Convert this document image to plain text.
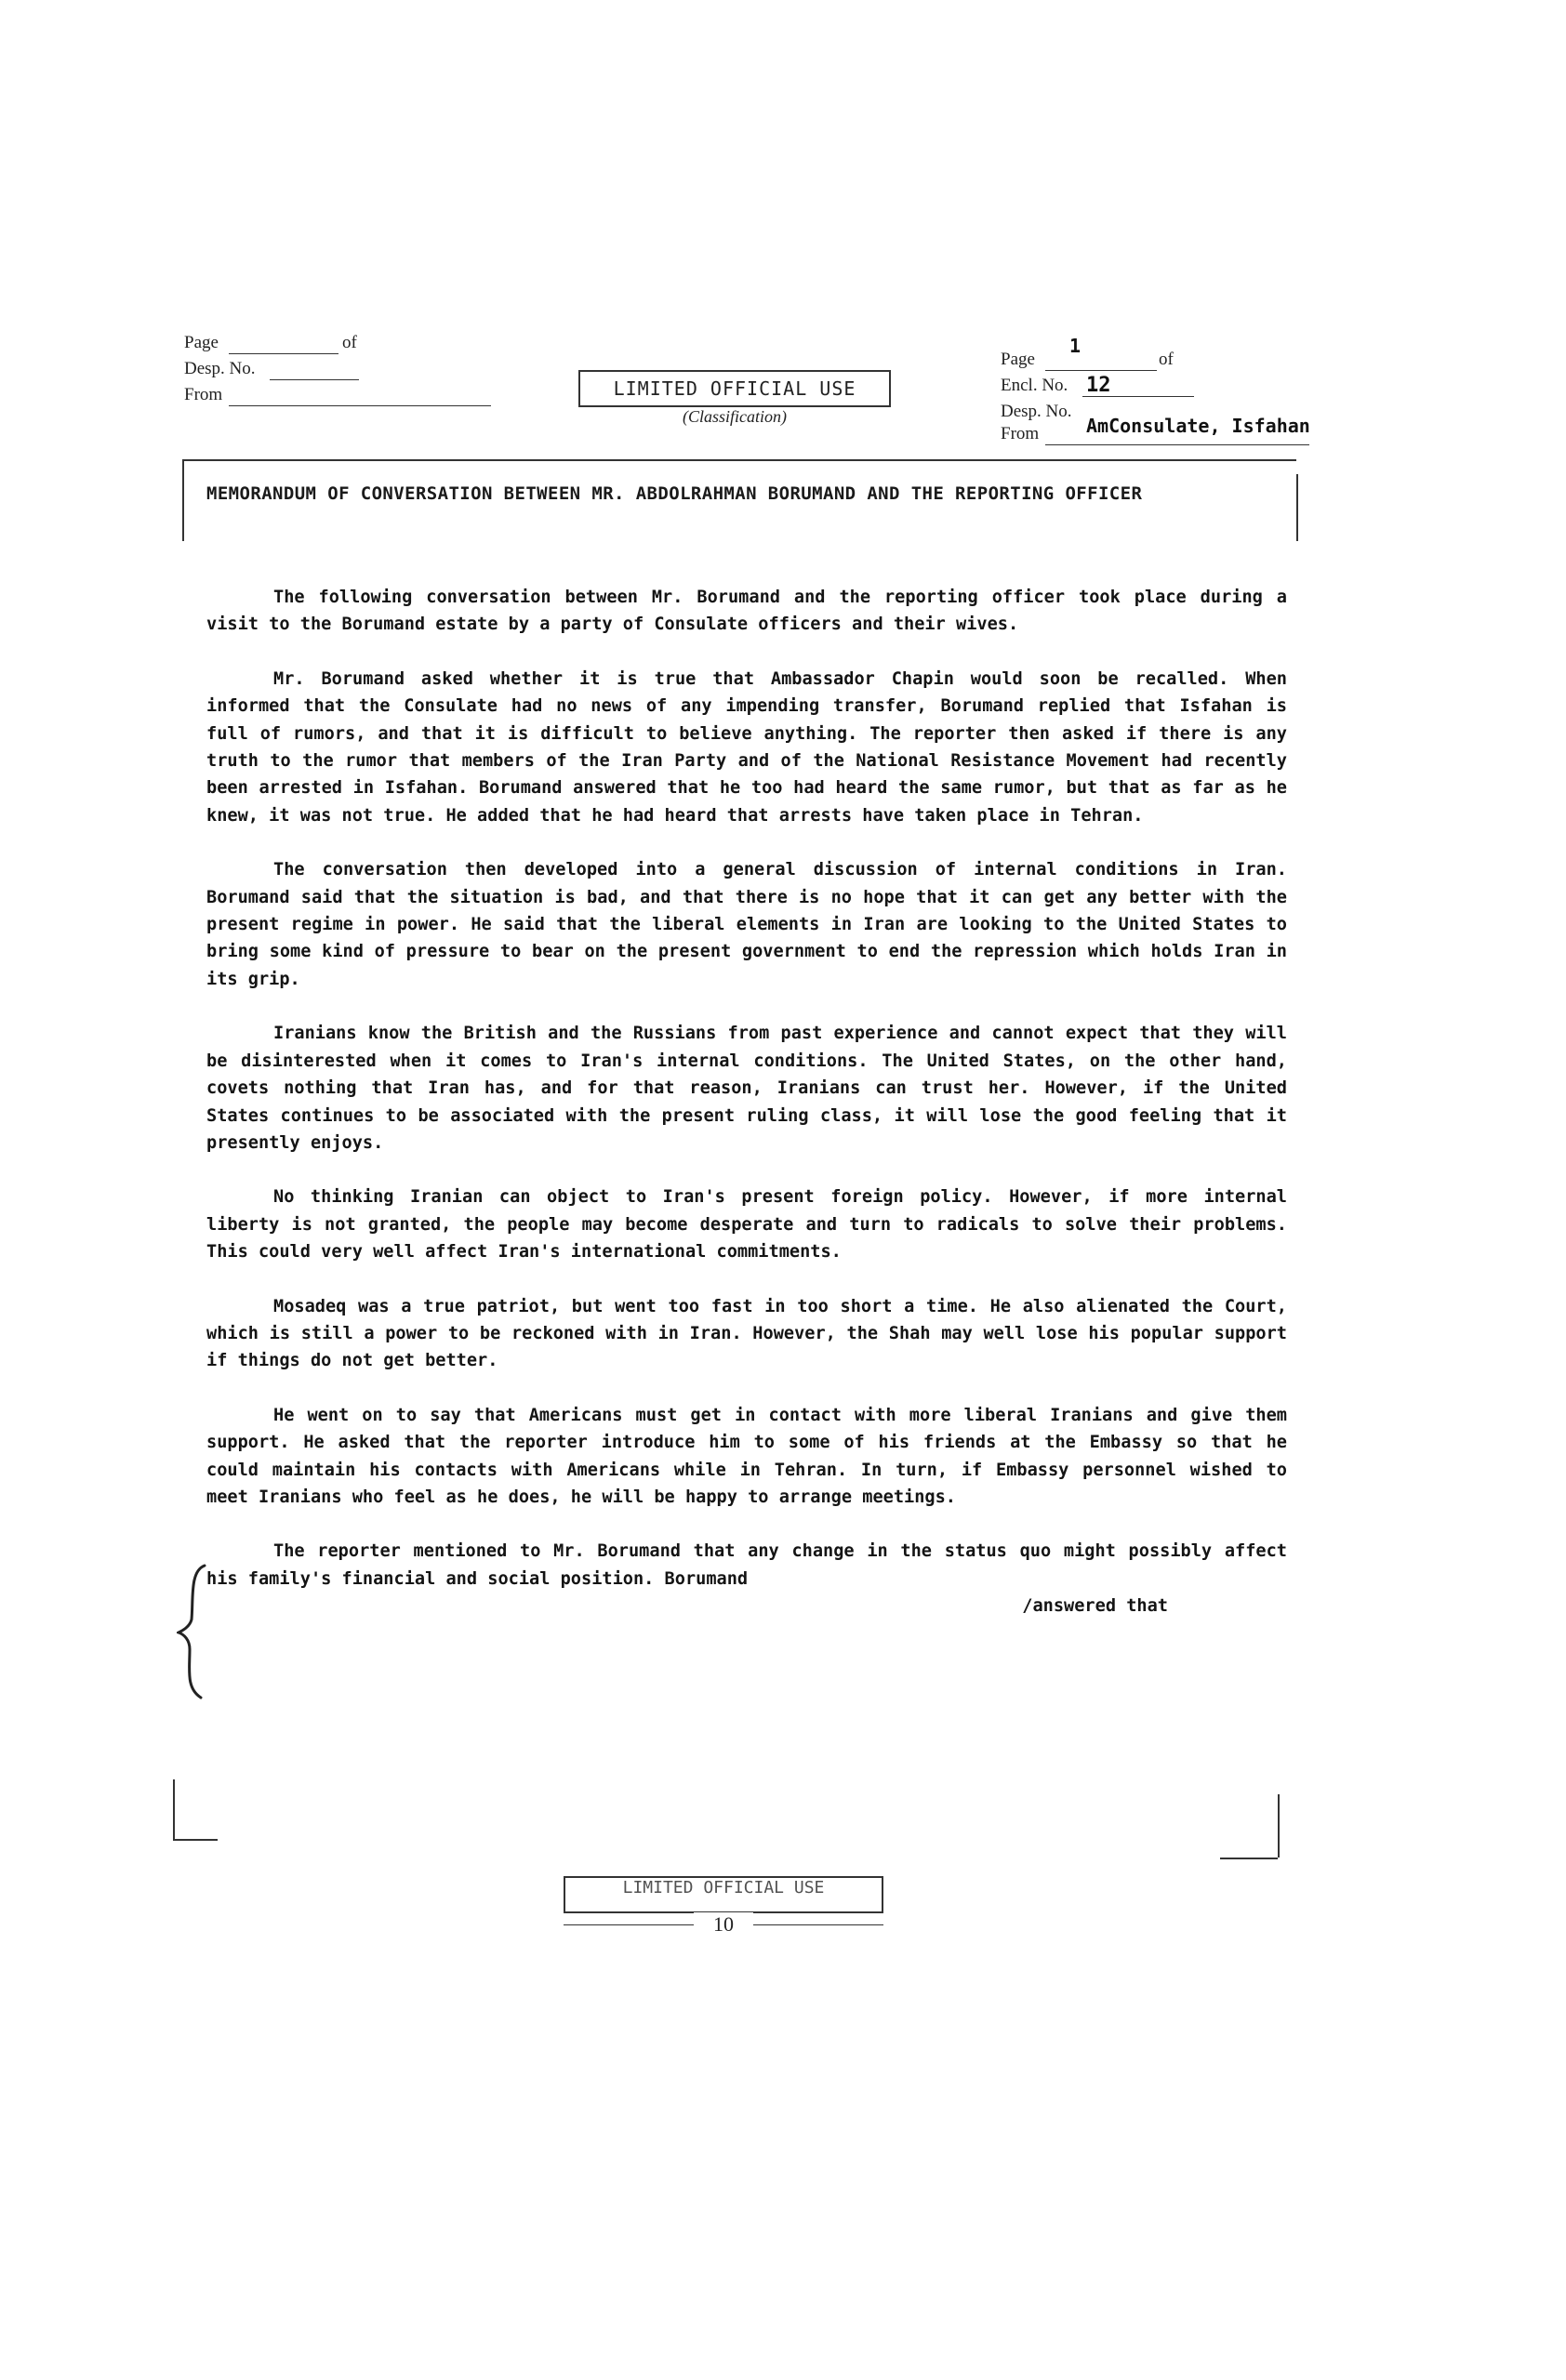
Page	of
Desp. No.
From	LIMITED OFFICIAL USE
(Classification)
Page
1
of
Encl. No. 12
Desp. No.
From	AmConsulate, Isfahan
MEMORANDUM OF CONVERSATION BETWEEN MR. ABDOLRAHMAN BORUMAND AND THE REPORTING OFFICER

The following conversation between Mr. Borumand and the reporting officer took place during a visit to the Borumand estate by a party of Consulate officers and their wives.

Mr. Borumand asked whether it is true that Ambassador Chapin would soon be recalled. When informed that the Consulate had no news of any impending transfer, Borumand replied that Isfahan is full of rumors, and that it is difficult to believe anything. The reporter then asked if there is any truth to the rumor that members of the Iran Party and of the National Resistance Movement had recently been arrested in Isfahan. Borumand answered that he too had heard the same rumor, but that as far as he knew, it was not true. He added that he had heard that arrests have taken place in Tehran.

The conversation then developed into a general discussion of internal conditions in Iran. Borumand said that the situation is bad, and that there is no hope that it can get any better with the present regime in power. He said that the liberal elements in Iran are looking to the United States to bring some kind of pressure to bear on the present government to end the repression which holds Iran in its grip.

Iranians know the British and the Russians from past experience and cannot expect that they will be disinterested when it comes to Iran's internal conditions. The United States, on the other hand, covets nothing that Iran has, and for that reason, Iranians can trust her. However, if the United States continues to be associated with the present ruling class, it will lose the good feeling that it presently enjoys.

No thinking Iranian can object to Iran's present foreign policy. However, if more internal liberty is not granted, the people may become desperate and turn to radicals to solve their problems. This could very well affect Iran's international commitments.

Mosadeq was a true patriot, but went too fast in too short a time. He also alienated the Court, which is still a power to be reckoned with in Iran. However, the Shah may well lose his popular support if things do not get better.

He went on to say that Americans must get in contact with more liberal Iranians and give them support. He asked that the reporter introduce him to some of his friends at the Embassy so that he could maintain his contacts with Americans while in Tehran. In turn, if Embassy personnel wished to meet Iranians who feel as he does, he will be happy to arrange meetings.

The reporter mentioned to Mr. Borumand that any change in the status quo might possibly affect his family's financial and social position. Borumand

/answered that
LIMITED OFFICIAL USE
10
